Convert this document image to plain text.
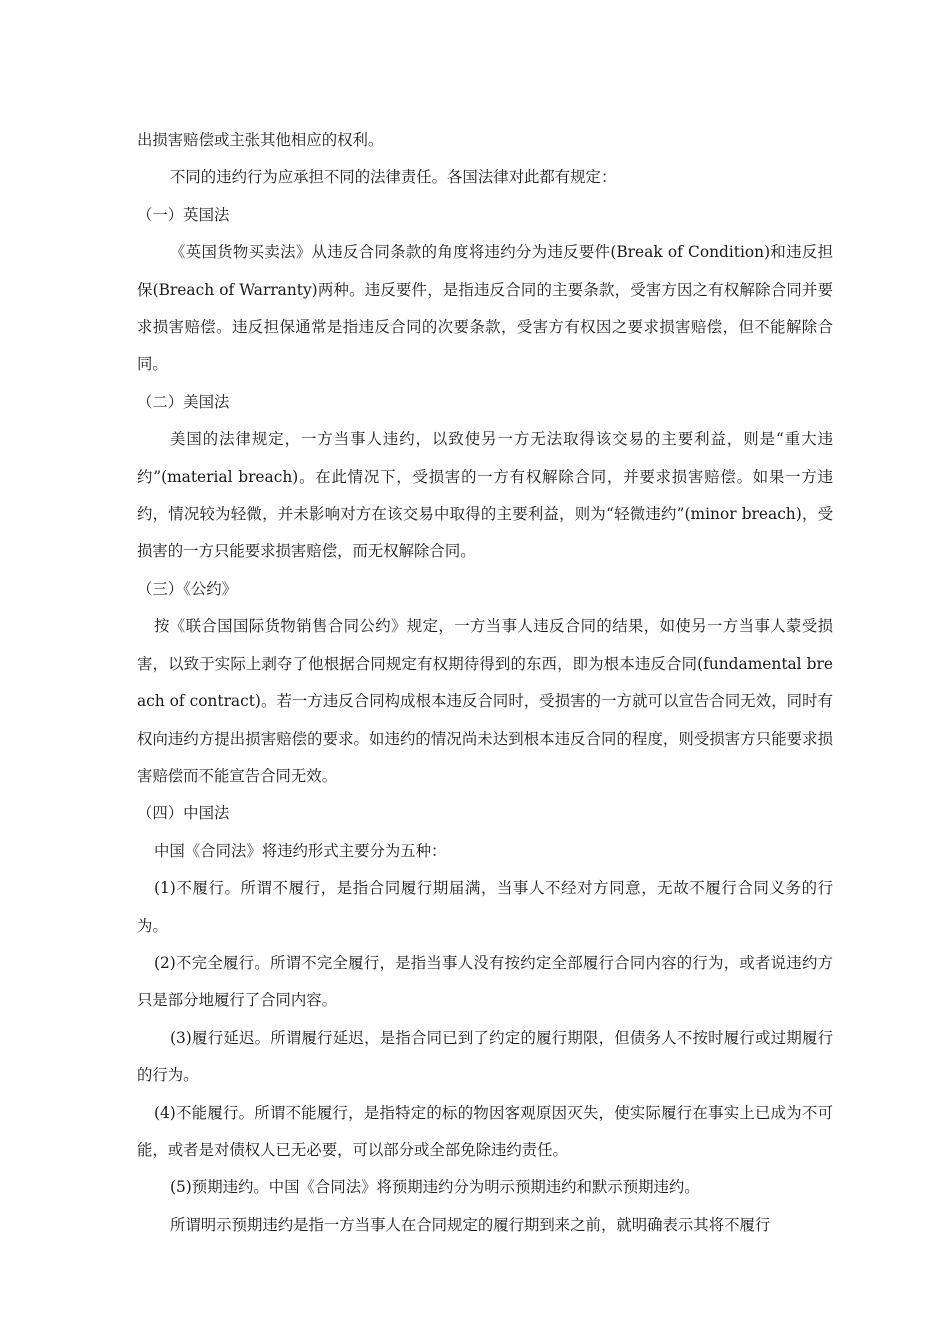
出损害赔偿或主张其他相应的权利。

不同的违约行为应承担不同的法律责任。各国法律对此都有规定：

（一）英国法

《英国货物买卖法》从违反合同条款的角度将违约分为违反要件(Break of Condition)和违反担保(Breach of Warranty)两种。违反要件，是指违反合同的主要条款，受害方因之有权解除合同并要求损害赔偿。违反担保通常是指违反合同的次要条款，受害方有权因之要求损害赔偿，但不能解除合同。

（二）美国法

美国的法律规定，一方当事人违约，以致使另一方无法取得该交易的主要利益，则是“重大违约”(material breach)。在此情况下，受损害的一方有权解除合同，并要求损害赔偿。如果一方违约，情况较为轻微，并未影响对方在该交易中取得的主要利益，则为“轻微违约”(minor breach)，受损害的一方只能要求损害赔偿，而无权解除合同。

（三）《公约》

按《联合国国际货物销售合同公约》规定，一方当事人违反合同的结果，如使另一方当事人蒙受损害，以致于实际上剥夺了他根据合同规定有权期待得到的东西，即为根本违反合同(fundamental breach of contract)。若一方违反合同构成根本违反合同时，受损害的一方就可以宣告合同无效，同时有权向违约方提出损害赔偿的要求。如违约的情况尚未达到根本违反合同的程度，则受损害方只能要求损害赔偿而不能宣告合同无效。

（四）中国法

中国《合同法》将违约形式主要分为五种：

(1)不履行。所谓不履行，是指合同履行期届满，当事人不经对方同意，无故不履行合同义务的行为。

(2)不完全履行。所谓不完全履行，是指当事人没有按约定全部履行合同内容的行为，或者说违约方只是部分地履行了合同内容。

(3)履行延迟。所谓履行延迟，是指合同已到了约定的履行期限，但债务人不按时履行或过期履行的行为。

(4)不能履行。所谓不能履行，是指特定的标的物因客观原因灭失，使实际履行在事实上已成为不可能，或者是对债权人已无必要，可以部分或全部免除违约责任。

(5)预期违约。中国《合同法》将预期违约分为明示预期违约和默示预期违约。

所谓明示预期违约是指一方当事人在合同规定的履行期到来之前，就明确表示其将不履行
